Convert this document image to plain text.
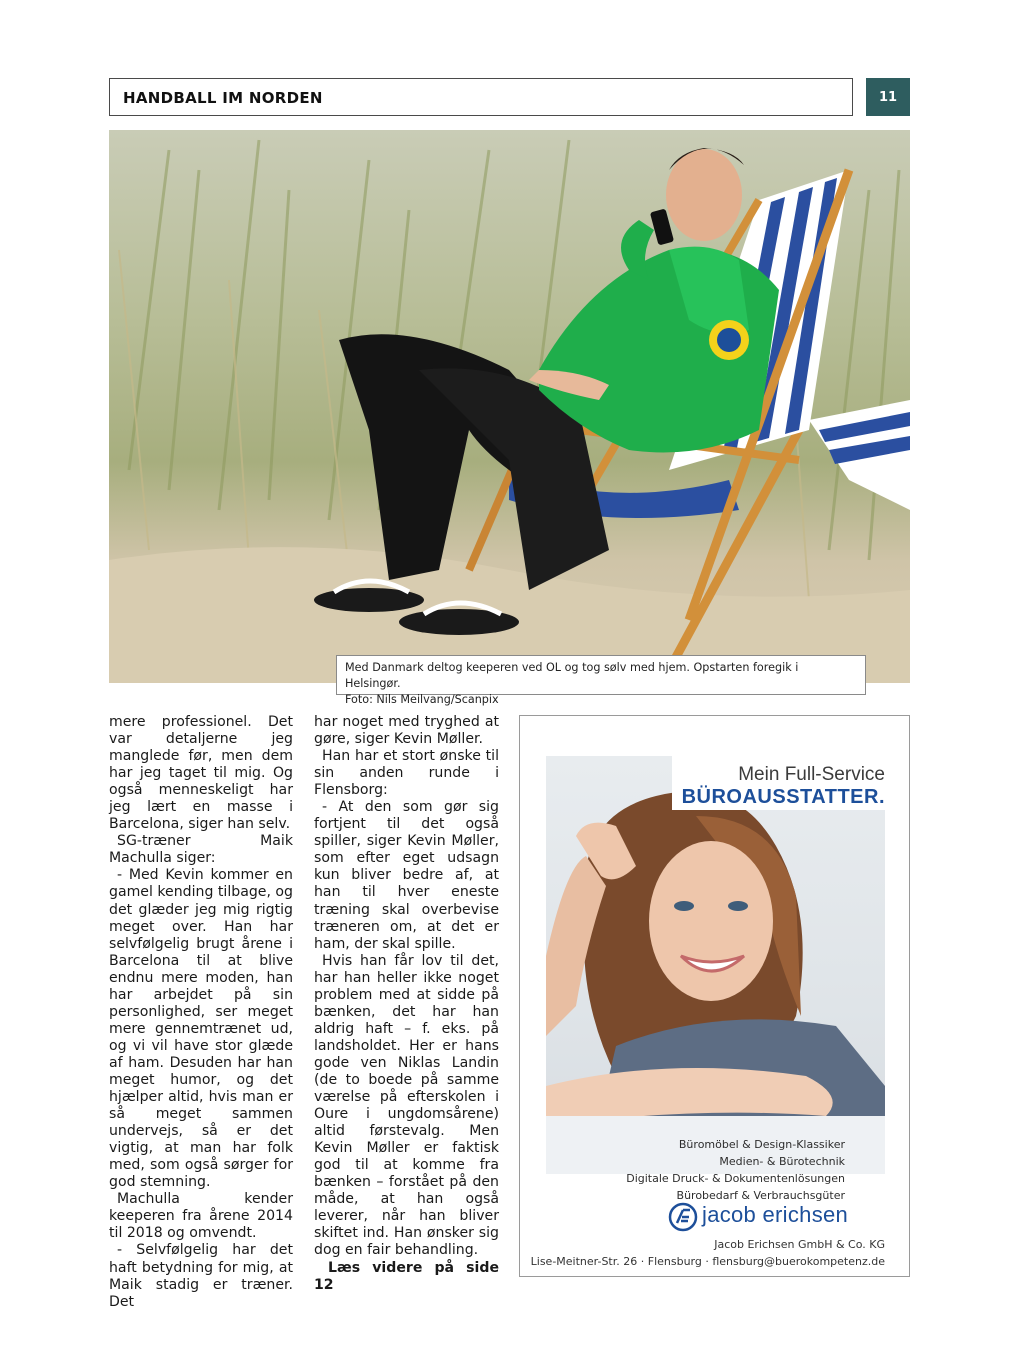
HANDBALL IM NORDEN	11
Med Danmark deltog keeperen ved OL og tog sølv med hjem. Opstarten foregik i Helsingør.
Foto: Nils Meilvang/Scanpix

mere professionel. Det var detaljerne jeg manglede før, men dem har jeg taget til mig. Og også menneskeligt har jeg lært en masse i Barcelona, siger han selv.

SG-træner Maik Machulla siger:

- Med Kevin kommer en gamel kending tilbage, og det glæder jeg mig rigtig meget over. Han har selvfølgelig brugt årene i Barcelona til at blive endnu mere moden, han har arbejdet på sin personlighed, ser meget mere gennemtrænet ud, og vi vil have stor glæde af ham. Desuden har han meget humor, og det hjælper altid, hvis man er så meget sammen undervejs, så er det vigtig, at man har folk med, som også sørger for god stemning.

Machulla kender keeperen fra årene 2014 til 2018 og omvendt.

- Selvfølgelig har det haft betydning for mig, at Maik stadig er træner. Det

har noget med tryghed at gøre, siger Kevin Møller.

Han har et stort ønske til sin anden runde i Flensborg:

- At den som gør sig fortjent til det også spiller, siger Kevin Møller, som efter eget udsagn kun bliver bedre af, at han til hver eneste træning skal overbevise træneren om, at det er ham, der skal spille.

Hvis han får lov til det, har han heller ikke noget problem med at sidde på bænken, det har han aldrig haft – f. eks. på landsholdet. Her er hans gode ven Niklas Landin (de to boede på samme værelse på efterskolen i Oure i ungdomsårene) altid førstevalg. Men Kevin Møller er faktisk god til at komme fra bænken – forstået på den måde, at han også leverer, når han bliver skiftet ind. Han ønsker sig dog en fair behandling.

Læs videre på side 12

Büromöbel & Design-Klassiker
Medien- & Bürotechnik
Digitale Druck- & Dokumentenlösungen
Bürobedarf & Verbrauchsgüter
Mein Full-Service
BÜROAUSSTATTER.
jacob erichsen
Jacob Erichsen GmbH & Co. KG
Lise-Meitner-Str. 26 · Flensburg · flensburg@buerokompetenz.de
